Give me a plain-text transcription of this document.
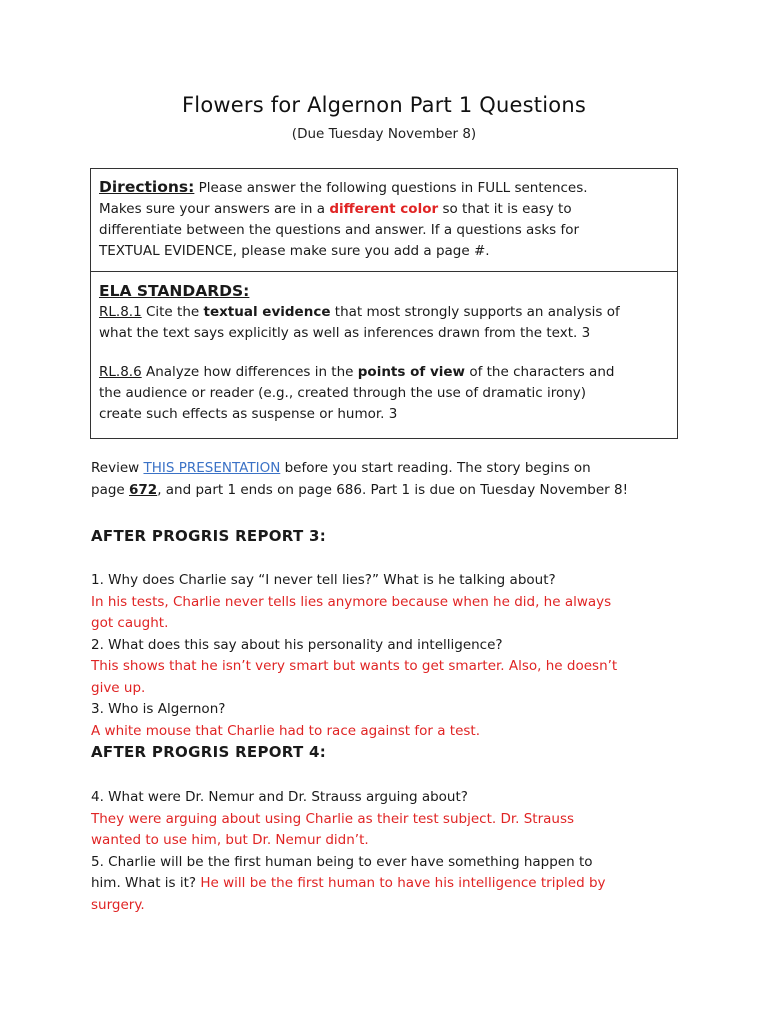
Flowers for Algernon Part 1 Questions
(Due Tuesday November 8)

Directions: Please answer the following questions in FULL sentences.

Makes sure your answers are in a different color so that it is easy to

differentiate between the questions and answer. If a questions asks for

TEXTUAL EVIDENCE, please make sure you add a page #.

ELA STANDARDS:

RL.8.1 Cite the textual evidence that most strongly supports an analysis of

what the text says explicitly as well as inferences drawn from the text. 3

RL.8.6 Analyze how differences in the points of view of the characters and

the audience or reader (e.g., created through the use of dramatic irony)

create such effects as suspense or humor. 3

Review THIS PRESENTATION before you start reading. The story begins on

page 672, and part 1 ends on page 686. Part 1 is due on Tuesday November 8!

AFTER PROGRIS REPORT 3:

1. Why does Charlie say “I never tell lies?” What is he talking about?

In his tests, Charlie never tells lies anymore because when he did, he always

got caught.

2. What does this say about his personality and intelligence?

This shows that he isn’t very smart but wants to get smarter. Also, he doesn’t

give up.

3. Who is Algernon?

A white mouse that Charlie had to race against for a test.

AFTER PROGRIS REPORT 4:

4. What were Dr. Nemur and Dr. Strauss arguing about?

They were arguing about using Charlie as their test subject. Dr. Strauss

wanted to use him, but Dr. Nemur didn’t.

5. Charlie will be the first human being to ever have something happen to

him. What is it? He will be the first human to have his intelligence tripled by

surgery.
